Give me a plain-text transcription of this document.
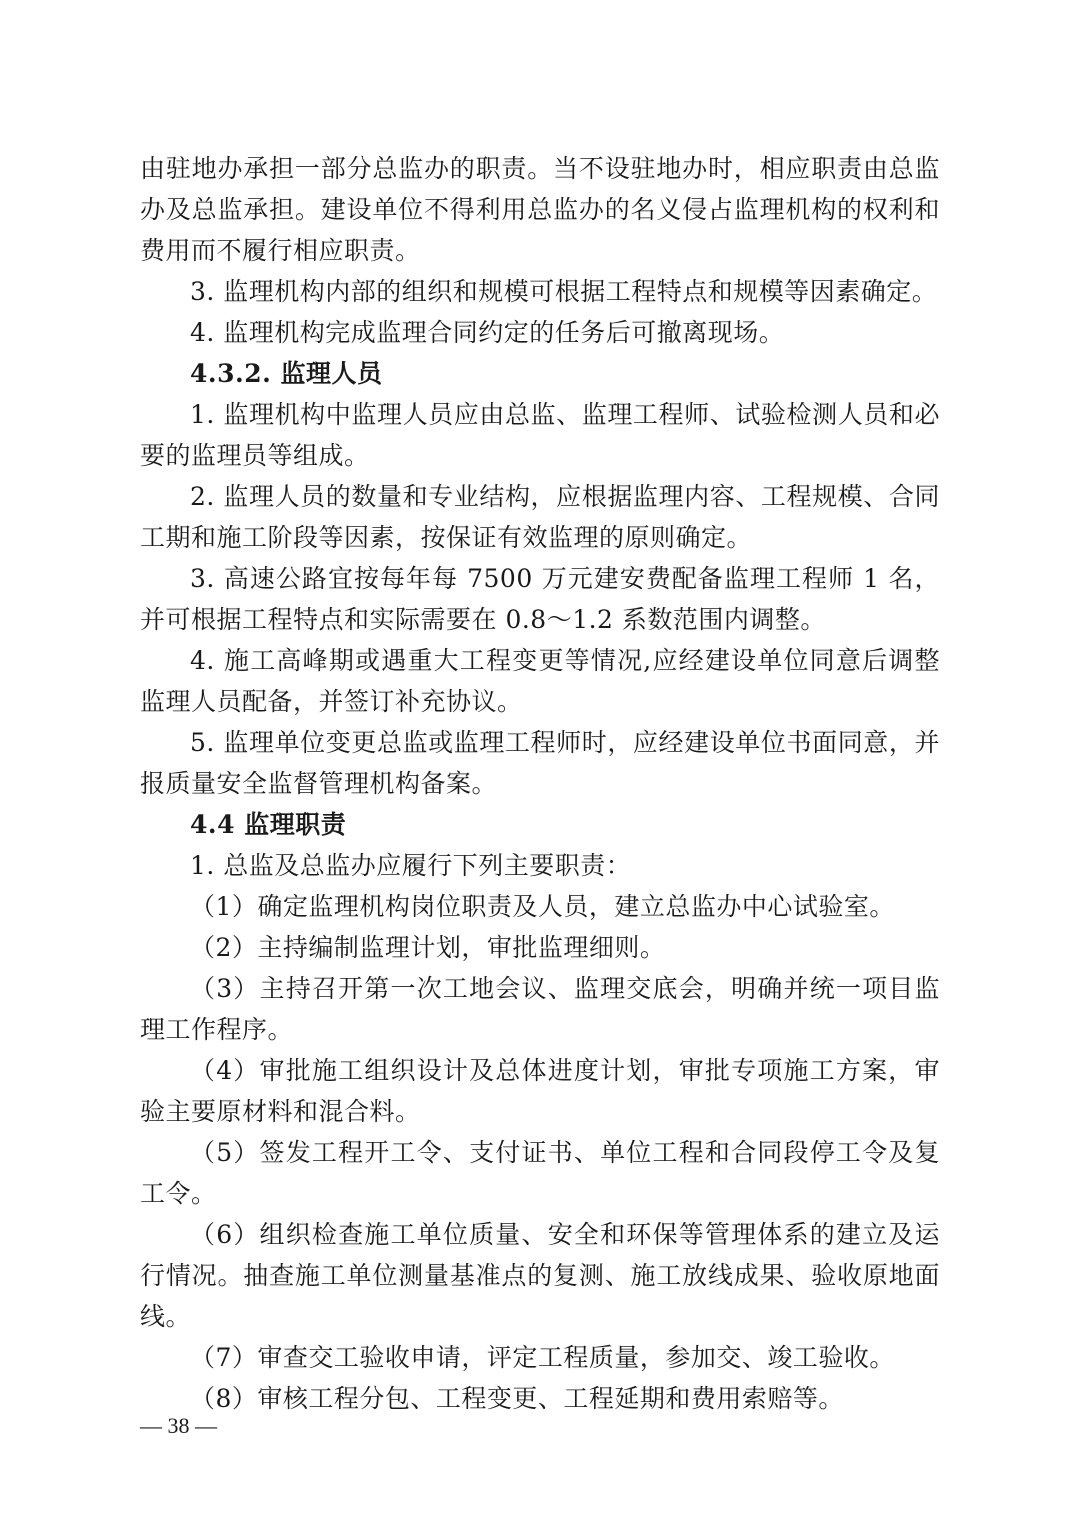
由驻地办承担一部分总监办的职责。当不设驻地办时，相应职责由总监办及总监承担。建设单位不得利用总监办的名义侵占监理机构的权利和费用而不履行相应职责。

3. 监理机构内部的组织和规模可根据工程特点和规模等因素确定。

4. 监理机构完成监理合同约定的任务后可撤离现场。

4.3.2. 监理人员

1. 监理机构中监理人员应由总监、监理工程师、试验检测人员和必要的监理员等组成。

2. 监理人员的数量和专业结构，应根据监理内容、工程规模、合同工期和施工阶段等因素，按保证有效监理的原则确定。

3. 高速公路宜按每年每 7500 万元建安费配备监理工程师 1 名，并可根据工程特点和实际需要在 0.8～1.2 系数范围内调整。

4. 施工高峰期或遇重大工程变更等情况,应经建设单位同意后调整监理人员配备，并签订补充协议。

5. 监理单位变更总监或监理工程师时，应经建设单位书面同意，并报质量安全监督管理机构备案。

4.4 监理职责

1. 总监及总监办应履行下列主要职责：

（1）确定监理机构岗位职责及人员，建立总监办中心试验室。

（2）主持编制监理计划，审批监理细则。

（3）主持召开第一次工地会议、监理交底会，明确并统一项目监理工作程序。

（4）审批施工组织设计及总体进度计划，审批专项施工方案，审验主要原材料和混合料。

（5）签发工程开工令、支付证书、单位工程和合同段停工令及复工令。

（6）组织检查施工单位质量、安全和环保等管理体系的建立及运行情况。抽查施工单位测量基准点的复测、施工放线成果、验收原地面线。

（7）审查交工验收申请，评定工程质量，参加交、竣工验收。

（8）审核工程分包、工程变更、工程延期和费用索赔等。

— 38 —
